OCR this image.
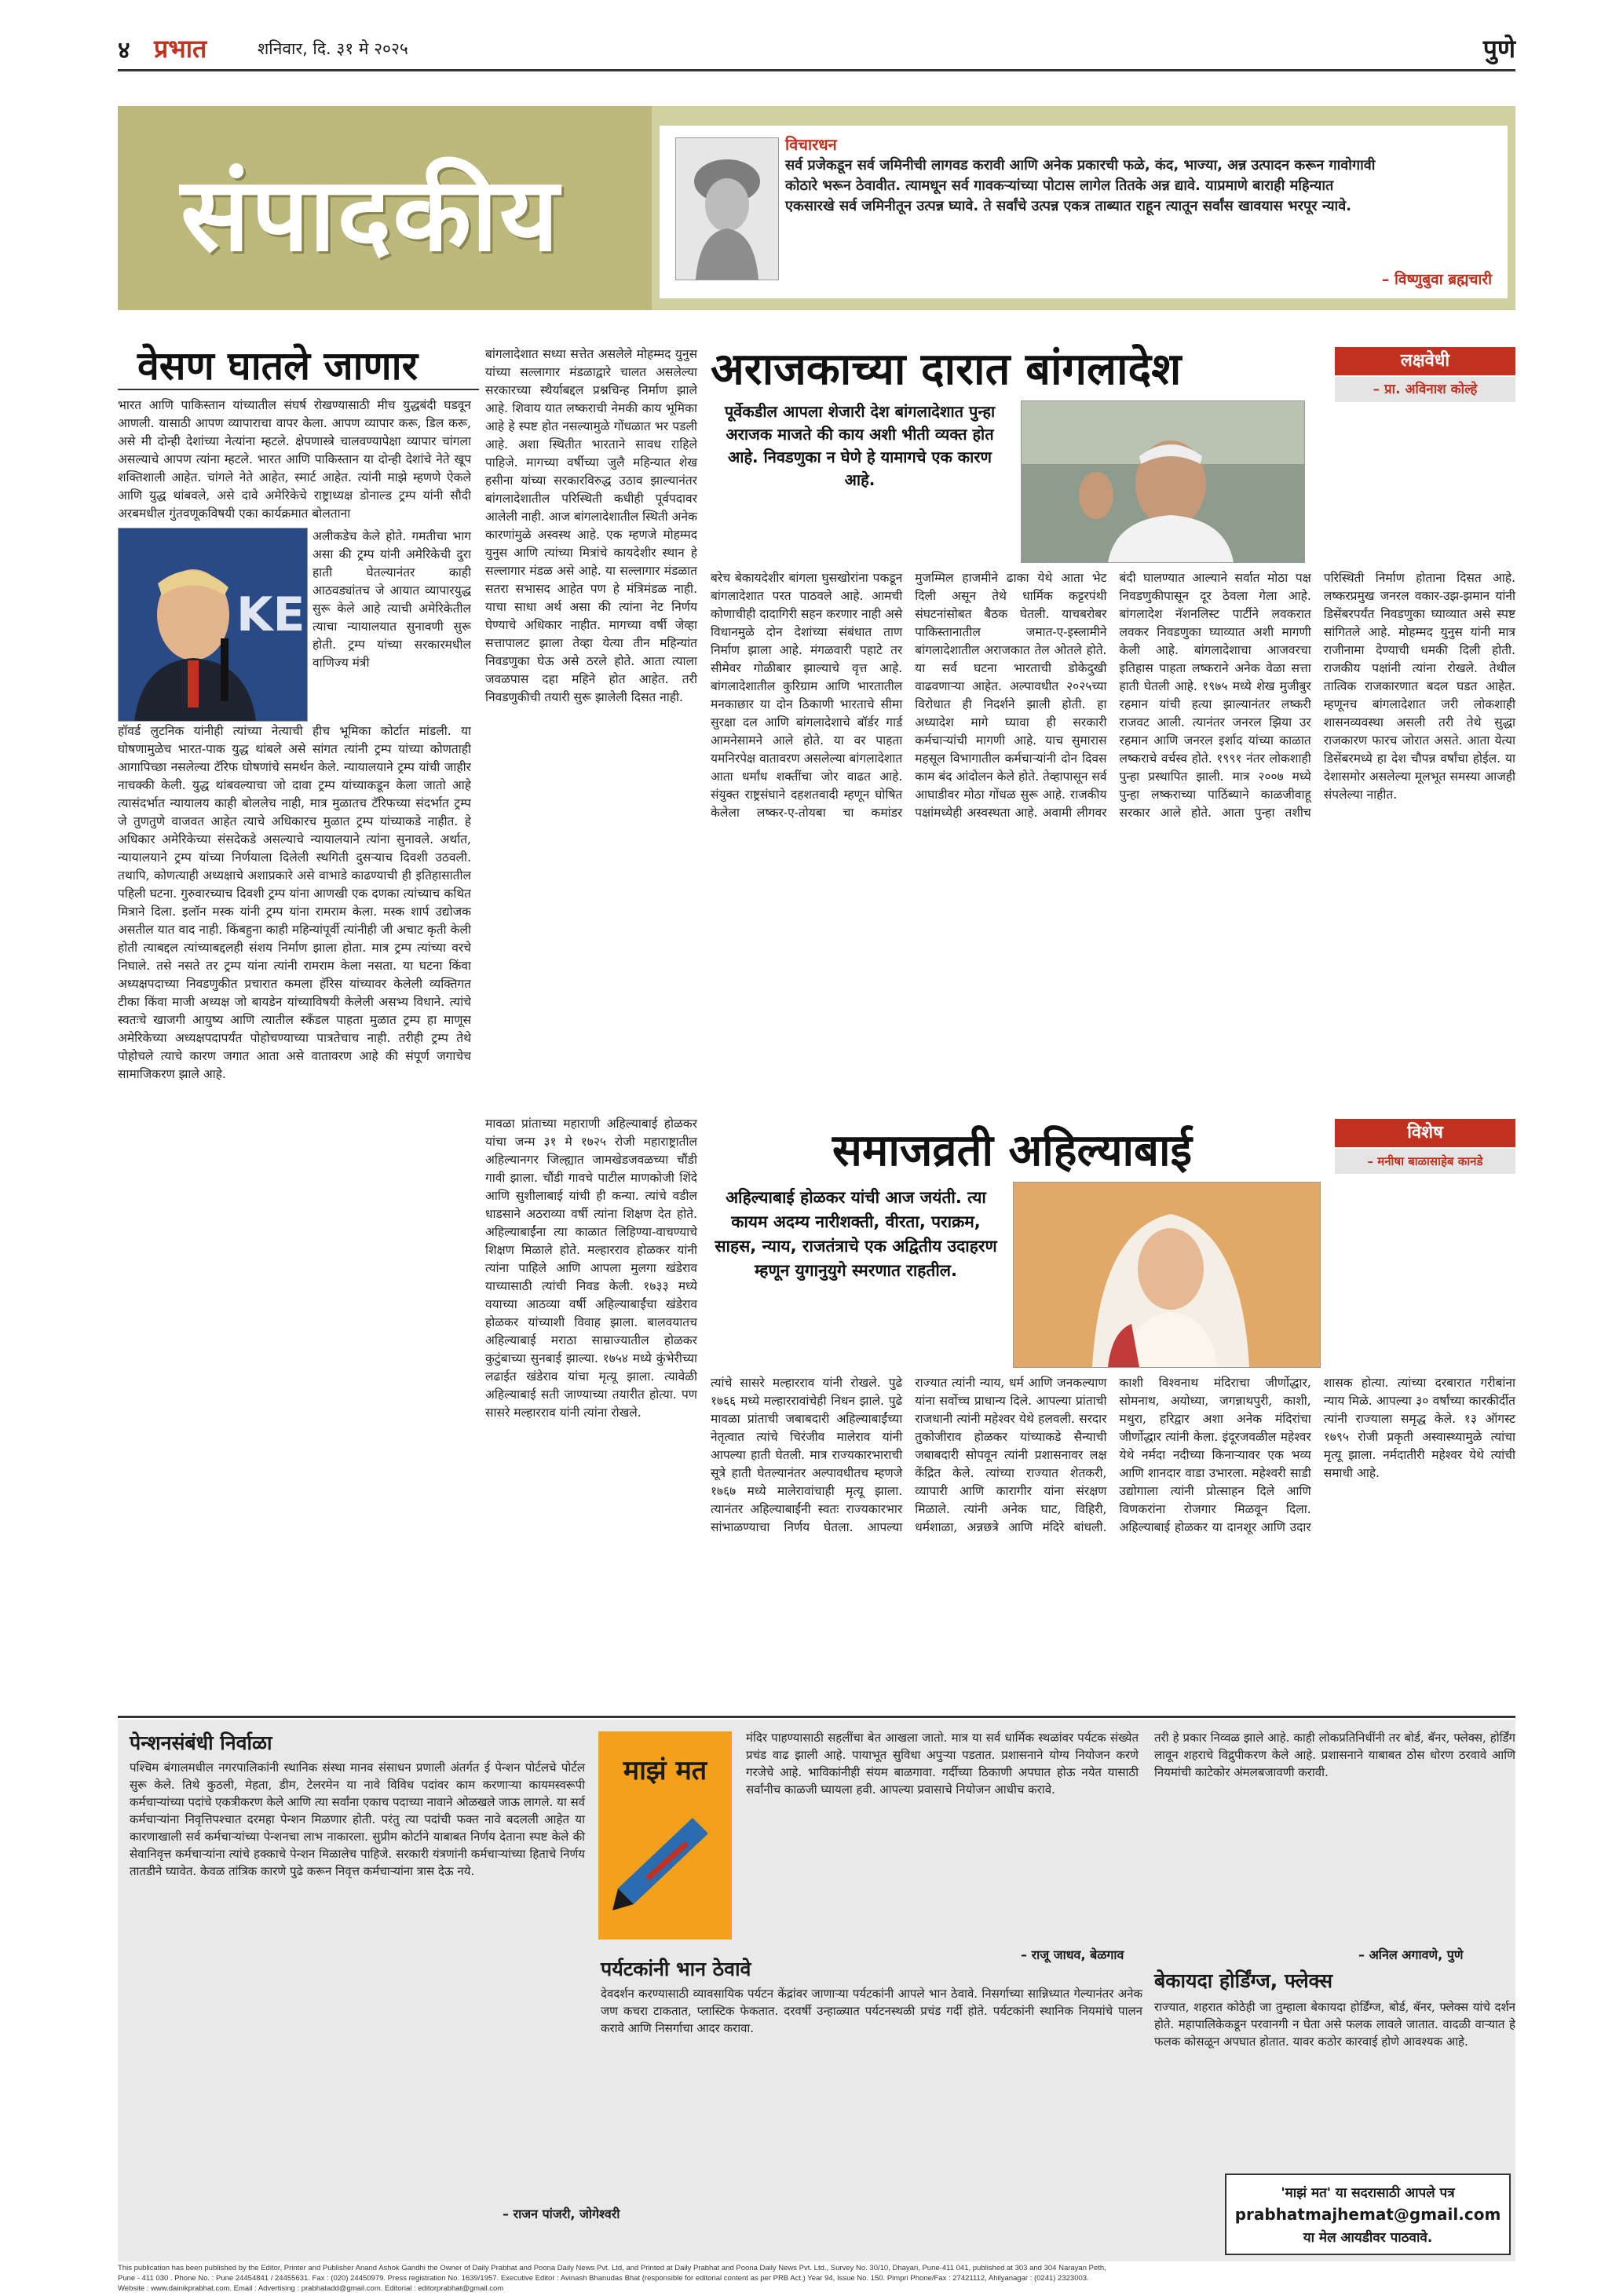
४ प्रभात	शनिवार, दि. ३१ मे २०२५	पुणे
संपादकीय
विचारधन
सर्व प्रजेकडून सर्व जमिनीची लागवड करावी आणि अनेक प्रकारची फळे, कंद, भाज्या, अन्न उत्पादन करून गावोगावी कोठारे भरून ठेवावीत. त्यामधून सर्व गावकऱ्यांच्या पोटास लागेल तितके अन्न द्यावे. याप्रमाणे बाराही महिन्यात एकसारखे सर्व जमिनीतून उत्पन्न घ्यावे. ते सर्वांचे उत्पन्न एकत्र ताब्यात राहून त्यातून सर्वांस खावयास भरपूर न्यावे.
– विष्णुबुवा ब्रह्मचारी
वेसण घातले जाणार
भारत आणि पाकिस्तान यांच्यातील संघर्ष रोखण्यासाठी मीच युद्धबंदी घडवून आणली. यासाठी आपण व्यापाराचा वापर केला. आपण व्यापार करू, डिल करू, असे मी दोन्ही देशांच्या नेत्यांना म्हटले. क्षेपणास्त्रे चालवण्यापेक्षा व्यापार चांगला असल्याचे आपण त्यांना म्हटले. भारत आणि पाकिस्तान या दोन्ही देशांचे नेते खूप शक्तिशाली आहेत. चांगले नेते आहेत, स्मार्ट आहेत. त्यांनी माझे म्हणणे ऐकले आणि युद्ध थांबवले, असे दावे अमेरिकेचे राष्ट्राध्यक्ष डोनाल्ड ट्रम्प यांनी सौदी अरबमधील गुंतवणूकविषयी एका कार्यक्रमात बोलताना
KE
अलीकडेच केले होते. गमतीचा भाग असा की ट्रम्प यांनी अमेरिकेची दुरा हाती घेतल्यानंतर काही आठवड्यांतच जे आयात व्यापारयुद्ध सुरू केले आहे त्याची अमेरिकेतील त्याचा न्यायालयात सुनावणी सुरू होती. ट्रम्प यांच्या सरकारमधील वाणिज्य मंत्री
हॉवर्ड लुटनिक यांनीही त्यांच्या नेत्याची हीच भूमिका कोर्टात मांडली. या घोषणामुळेच भारत-पाक युद्ध थांबले असे सांगत त्यांनी ट्रम्प यांच्या कोणताही आगापिच्छा नसलेल्या टॅरिफ घोषणांचे समर्थन केले. न्यायालयाने ट्रम्प यांची जाहीर नाचक्की केली. युद्ध थांबवल्याचा जो दावा ट्रम्प यांच्याकडून केला जातो आहे त्यासंदर्भात न्यायालय काही बोललेच नाही, मात्र मुळातच टॅरिफच्या संदर्भात ट्रम्प जे तुणतुणे वाजवत आहेत त्याचे अधिकारच मुळात ट्रम्प यांच्याकडे नाहीत. हे अधिकार अमेरिकेच्या संसदेकडे असल्याचे न्यायालयाने त्यांना सुनावले. अर्थात, न्यायालयाने ट्रम्प यांच्या निर्णयाला दिलेली स्थगिती दुसऱ्याच दिवशी उठवली. तथापि, कोणत्याही अध्यक्षाचे अशाप्रकारे असे वाभाडे काढण्याची ही इतिहासातील पहिली घटना. गुरुवारच्याच दिवशी ट्रम्प यांना आणखी एक दणका त्यांच्याच कथित मित्राने दिला. इलॉन मस्क यांनी ट्रम्प यांना रामराम केला. मस्क शार्प उद्योजक असतील यात वाद नाही. किंबहुना काही महिन्यांपूर्वी त्यांनीही जी अचाट कृती केली होती त्याबद्दल त्यांच्याबद्दलही संशय निर्माण झाला होता. मात्र ट्रम्प त्यांच्या वरचे निघाले. तसे नसते तर ट्रम्प यांना त्यांनी रामराम केला नसता. या घटना किंवा अध्यक्षपदाच्या निवडणुकीत प्रचारात कमला हॅरिस यांच्यावर केलेली व्यक्तिगत टीका किंवा माजी अध्यक्ष जो बायडेन यांच्याविषयी केलेली असभ्य विधाने. त्यांचे स्वतःचे खाजगी आयुष्य आणि त्यातील स्कँडल पाहता मुळात ट्रम्प हा माणूस अमेरिकेच्या अध्यक्षपदापर्यंत पोहोचण्याच्या पात्रतेचाच नाही. तरीही ट्रम्प तेथे पोहोचले त्याचे कारण जगात आता असे वातावरण आहे की संपूर्ण जगाचेच सामाजिकरण झाले आहे.
बांगलादेशात सध्या सत्तेत असलेले मोहम्मद युनुस यांच्या सल्लागार मंडळाद्वारे चालत असलेल्या सरकारच्या स्थैर्याबद्दल प्रश्नचिन्ह निर्माण झाले आहे. शिवाय यात लष्कराची नेमकी काय भूमिका आहे हे स्पष्ट होत नसल्यामुळे गोंधळात भर पडली आहे. अशा स्थितीत भारताने सावध राहिले पाहिजे. मागच्या वर्षीच्या जुलै महिन्यात शेख हसीना यांच्या सरकारविरुद्ध उठाव झाल्यानंतर बांगलादेशातील परिस्थिती कधीही पूर्वपदावर आलेली नाही. आज बांगलादेशातील स्थिती अनेक कारणांमुळे अस्वस्थ आहे. एक म्हणजे मोहम्मद युनुस आणि त्यांच्या मित्रांचे कायदेशीर स्थान हे सल्लागार मंडळ असे आहे. या सल्लागार मंडळात सतरा सभासद आहेत पण हे मंत्रिमंडळ नाही. याचा साधा अर्थ असा की त्यांना नेट निर्णय घेण्याचे अधिकार नाहीत. मागच्या वर्षी जेव्हा सत्तापालट झाला तेव्हा येत्या तीन महिन्यांत निवडणुका घेऊ असे ठरले होते. आता त्याला जवळपास दहा महिने होत आहेत. तरी निवडणुकीची तयारी सुरू झालेली दिसत नाही.
अराजकाच्या दारात बांगलादेश	लक्षवेधी
– प्रा. अविनाश कोल्हे
पूर्वेकडील आपला शेजारी देश बांगलादेशात पुन्हा अराजक माजते की काय अशी भीती व्यक्त होत आहे. निवडणुका न घेणे हे यामागचे एक कारण आहे.
बरेच बेकायदेशीर बांगला घुसखोरांना पकडून बांगलादेशात परत पाठवले आहे. आमची कोणाचीही दादागिरी सहन करणार नाही असे विधानमुळे दोन देशांच्या संबंधात ताण निर्माण झाला आहे. मंगळवारी पहाटे तर सीमेवर गोळीबार झाल्याचे वृत्त आहे. बांगलादेशातील कुरिग्राम आणि भारतातील मनकाछार या दोन ठिकाणी भारताचे सीमा सुरक्षा दल आणि बांगलादेशाचे बॉर्डर गार्ड आमनेसामने आले होते. या वर पाहता यमनिरपेक्ष वातावरण असलेल्या बांगलादेशात आता धर्मांध शक्तींचा जोर वाढत आहे. संयुक्त राष्ट्रसंघाने दहशतवादी म्हणून घोषित केलेला लष्कर-ए-तोयबा चा कमांडर मुजम्मिल हाजमीने ढाका येथे आता भेट दिली असून तेथे धार्मिक कट्टरपंथी संघटनांसोबत बैठक घेतली. याचबरोबर पाकिस्तानातील जमात-ए-इस्लामीने बांगलादेशातील अराजकात तेल ओतले होते. या सर्व घटना भारताची डोकेदुखी वाढवणाऱ्या आहेत. अल्पावधीत २०२५च्या विरोधात ही निदर्शने झाली होती. हा अध्यादेश मागे घ्यावा ही सरकारी कर्मचाऱ्यांची मागणी आहे. याच सुमारास महसूल विभागातील कर्मचाऱ्यांनी दोन दिवस काम बंद आंदोलन केले होते. तेव्हापासून सर्व आघाडीवर मोठा गोंधळ सुरू आहे. राजकीय पक्षांमध्येही अस्वस्थता आहे. अवामी लीगवर बंदी घालण्यात आल्याने सर्वात मोठा पक्ष निवडणुकीपासून दूर ठेवला गेला आहे. बांगलादेश नॅशनलिस्ट पार्टीने लवकरात लवकर निवडणुका घ्याव्यात अशी मागणी केली आहे. बांगलादेशाचा आजवरचा इतिहास पाहता लष्कराने अनेक वेळा सत्ता हाती घेतली आहे. १९७५ मध्ये शेख मुजीबुर रहमान यांची हत्या झाल्यानंतर लष्करी राजवट आली. त्यानंतर जनरल झिया उर रहमान आणि जनरल इर्शाद यांच्या काळात लष्कराचे वर्चस्व होते. १९९१ नंतर लोकशाही पुन्हा प्रस्थापित झाली. मात्र २००७ मध्ये पुन्हा लष्कराच्या पाठिंब्याने काळजीवाहू सरकार आले होते. आता पुन्हा तशीच परिस्थिती निर्माण होताना दिसत आहे. लष्करप्रमुख जनरल वकार-उझ-झमान यांनी डिसेंबरपर्यंत निवडणुका घ्याव्यात असे स्पष्ट सांगितले आहे. मोहम्मद युनुस यांनी मात्र राजीनामा देण्याची धमकी दिली होती. राजकीय पक्षांनी त्यांना रोखले. तेथील तात्विक राजकारणात बदल घडत आहेत. म्हणूनच बांगलादेशात जरी लोकशाही शासनव्यवस्था असली तरी तेथे सुद्धा राजकारण फारच जोरात असते. आता येत्या डिसेंबरमध्ये हा देश चौपन्न वर्षांचा होईल. या देशासमोर असलेल्या मूलभूत समस्या आजही संपलेल्या नाहीत.
मावळा प्रांताच्या महाराणी अहिल्याबाई होळकर यांचा जन्म ३१ मे १७२५ रोजी महाराष्ट्रातील अहिल्यानगर जिल्ह्यात जामखेडजवळच्या चौंडी गावी झाला. चौंडी गावचे पाटील माणकोजी शिंदे आणि सुशीलाबाई यांची ही कन्या. त्यांचे वडील धाडसाने अठराव्या वर्षी त्यांना शिक्षण देत होते. अहिल्याबाईंना त्या काळात लिहिण्या-वाचण्याचे शिक्षण मिळाले होते. मल्हारराव होळकर यांनी त्यांना पाहिले आणि आपला मुलगा खंडेराव याच्यासाठी त्यांची निवड केली. १७३३ मध्ये वयाच्या आठव्या वर्षी अहिल्याबाईंचा खंडेराव होळकर यांच्याशी विवाह झाला. बालवयातच अहिल्याबाई मराठा साम्राज्यातील होळकर कुटुंबाच्या सुनबाई झाल्या. १७५४ मध्ये कुंभेरीच्या लढाईत खंडेराव यांचा मृत्यू झाला. त्यावेळी अहिल्याबाई सती जाण्याच्या तयारीत होत्या. पण सासरे मल्हारराव यांनी त्यांना रोखले.
समाजव्रती अहिल्याबाई	विशेष
– मनीषा बाळासाहेब कानडे
अहिल्याबाई होळकर यांची आज जयंती. त्या कायम अदम्य नारीशक्ती, वीरता, पराक्रम, साहस, न्याय, राजतंत्राचे एक अद्वितीय उदाहरण म्हणून युगानुयुगे स्मरणात राहतील.
त्यांचे सासरे मल्हारराव यांनी रोखले. पुढे १७६६ मध्ये मल्हाररावांचेही निधन झाले. पुढे मावळा प्रांताची जबाबदारी अहिल्याबाईंच्या नेतृत्वात त्यांचे चिरंजीव मालेराव यांनी आपल्या हाती घेतली. मात्र राज्यकारभाराची सूत्रे हाती घेतल्यानंतर अल्पावधीतच म्हणजे १७६७ मध्ये मालेरावांचाही मृत्यू झाला. त्यानंतर अहिल्याबाईंनी स्वतः राज्यकारभार सांभाळण्याचा निर्णय घेतला. आपल्या राज्यात त्यांनी न्याय, धर्म आणि जनकल्याण यांना सर्वोच्च प्राधान्य दिले. आपल्या प्रांताची राजधानी त्यांनी महेश्वर येथे हलवली. सरदार तुकोजीराव होळकर यांच्याकडे सैन्याची जबाबदारी सोपवून त्यांनी प्रशासनावर लक्ष केंद्रित केले. त्यांच्या राज्यात शेतकरी, व्यापारी आणि कारागीर यांना संरक्षण मिळाले. त्यांनी अनेक घाट, विहिरी, धर्मशाळा, अन्नछत्रे आणि मंदिरे बांधली. काशी विश्वनाथ मंदिराचा जीर्णोद्धार, सोमनाथ, अयोध्या, जगन्नाथपुरी, काशी, मथुरा, हरिद्वार अशा अनेक मंदिरांचा जीर्णोद्धार त्यांनी केला. इंदूरजवळील महेश्वर येथे नर्मदा नदीच्या किनाऱ्यावर एक भव्य आणि शानदार वाडा उभारला. महेश्वरी साडी उद्योगाला त्यांनी प्रोत्साहन दिले आणि विणकरांना रोजगार मिळवून दिला. अहिल्याबाई होळकर या दानशूर आणि उदार शासक होत्या. त्यांच्या दरबारात गरीबांना न्याय मिळे. आपल्या ३० वर्षांच्या कारकीर्दीत त्यांनी राज्याला समृद्ध केले. १३ ऑगस्ट १७९५ रोजी प्रकृती अस्वास्थ्यामुळे त्यांचा मृत्यू झाला. नर्मदातीरी महेश्वर येथे त्यांची समाधी आहे.
पेन्शनसंबंधी निर्वाळा
पश्चिम बंगालमधील नगरपालिकांनी स्थानिक संस्था मानव संसाधन प्रणाली अंतर्गत ई पेन्शन पोर्टलचे पोर्टल सुरू केले. तिथे कुठली, मेहता, डीम, टेलरमेन या नावे विविध पदांवर काम करणाऱ्या कायमस्वरूपी कर्मचाऱ्यांच्या पदांचे एकत्रीकरण केले आणि त्या सर्वांना एकाच पदाच्या नावाने ओळखले जाऊ लागले. या सर्व कर्मचाऱ्यांना निवृत्तिपश्चात दरमहा पेन्शन मिळणार होती. परंतु त्या पदांची फक्त नावे बदलली आहेत या कारणाखाली सर्व कर्मचाऱ्यांच्या पेन्शनचा लाभ नाकारला. सुप्रीम कोर्टाने याबाबत निर्णय देताना स्पष्ट केले की सेवानिवृत्त कर्मचाऱ्यांना त्यांचे हक्काचे पेन्शन मिळालेच पाहिजे. सरकारी यंत्रणांनी कर्मचाऱ्यांच्या हिताचे निर्णय तातडीने घ्यावेत. केवळ तांत्रिक कारणे पुढे करून निवृत्त कर्मचाऱ्यांना त्रास देऊ नये.
– राजन पांजरी, जोगेश्वरी
माझं मत
मंदिर पाहण्यासाठी सहलींचा बेत आखला जातो. मात्र या सर्व धार्मिक स्थळांवर पर्यटक संख्येत प्रचंड वाढ झाली आहे. पायाभूत सुविधा अपुऱ्या पडतात. प्रशासनाने योग्य नियोजन करणे गरजेचे आहे. भाविकांनीही संयम बाळगावा. गर्दीच्या ठिकाणी अपघात होऊ नयेत यासाठी सर्वांनीच काळजी घ्यायला हवी. आपल्या प्रवासाचे नियोजन आधीच करावे.
पर्यटकांनी भान ठेवावे
देवदर्शन करण्यासाठी व्यावसायिक पर्यटन केंद्रांवर जाणाऱ्या पर्यटकांनी आपले भान ठेवावे. निसर्गाच्या सान्निध्यात गेल्यानंतर अनेक जण कचरा टाकतात, प्लास्टिक फेकतात. दरवर्षी उन्हाळ्यात पर्यटनस्थळी प्रचंड गर्दी होते. पर्यटकांनी स्थानिक नियमांचे पालन करावे आणि निसर्गाचा आदर करावा.
– राजू जाधव, बेळगाव
बेकायदा होर्डिंग्ज, फ्लेक्स
राज्यात, शहरात कोठेही जा तुम्हाला बेकायदा होर्डिंग्ज, बोर्ड, बॅनर, फ्लेक्स यांचे दर्शन होते. महापालिकेकडून परवानगी न घेता असे फलक लावले जातात. वादळी वाऱ्यात हे फलक कोसळून अपघात होतात. यावर कठोर कारवाई होणे आवश्यक आहे.
तरी हे प्रकार निव्वळ झाले आहे. काही लोकप्रतिनिधींनी तर बोर्ड, बॅनर, फ्लेक्स, होर्डिंग लावून शहराचे विद्रुपीकरण केले आहे. प्रशासनाने याबाबत ठोस धोरण ठरवावे आणि नियमांची काटेकोर अंमलबजावणी करावी.
– अनिल अगावणे, पुणे
'माझं मत' या सदरासाठी आपले पत्र
prabhatmajhemat@gmail.com
या मेल आयडीवर पाठवावे.
This publication has been published by the Editor, Printer and Publisher Anand Ashok Gandhi the Owner of Daily Prabhat and Poona Daily News Pvt. Ltd, and Printed at Daily Prabhat and Poona Daily News Pvt. Ltd., Survey No. 30/10, Dhayari, Pune-411 041, published at 303 and 304 Narayan Peth,
Pune - 411 030 . Phone No. : Pune 24454841 / 24455631. Fax : (020) 24450979. Press registration No. 1639/1957. Executive Editor : Avinash Bhanudas Bhat (responsible for editorial content as per PRB Act.) Year 94, Issue No. 150. Pimpri Phone/Fax : 27421112, Ahilyanagar : (0241) 2323003.
Website : www.dainikprabhat.com. Email : Advertising : prabhatadd@gmail.com. Editorial : editorprabhat@gmail.com
